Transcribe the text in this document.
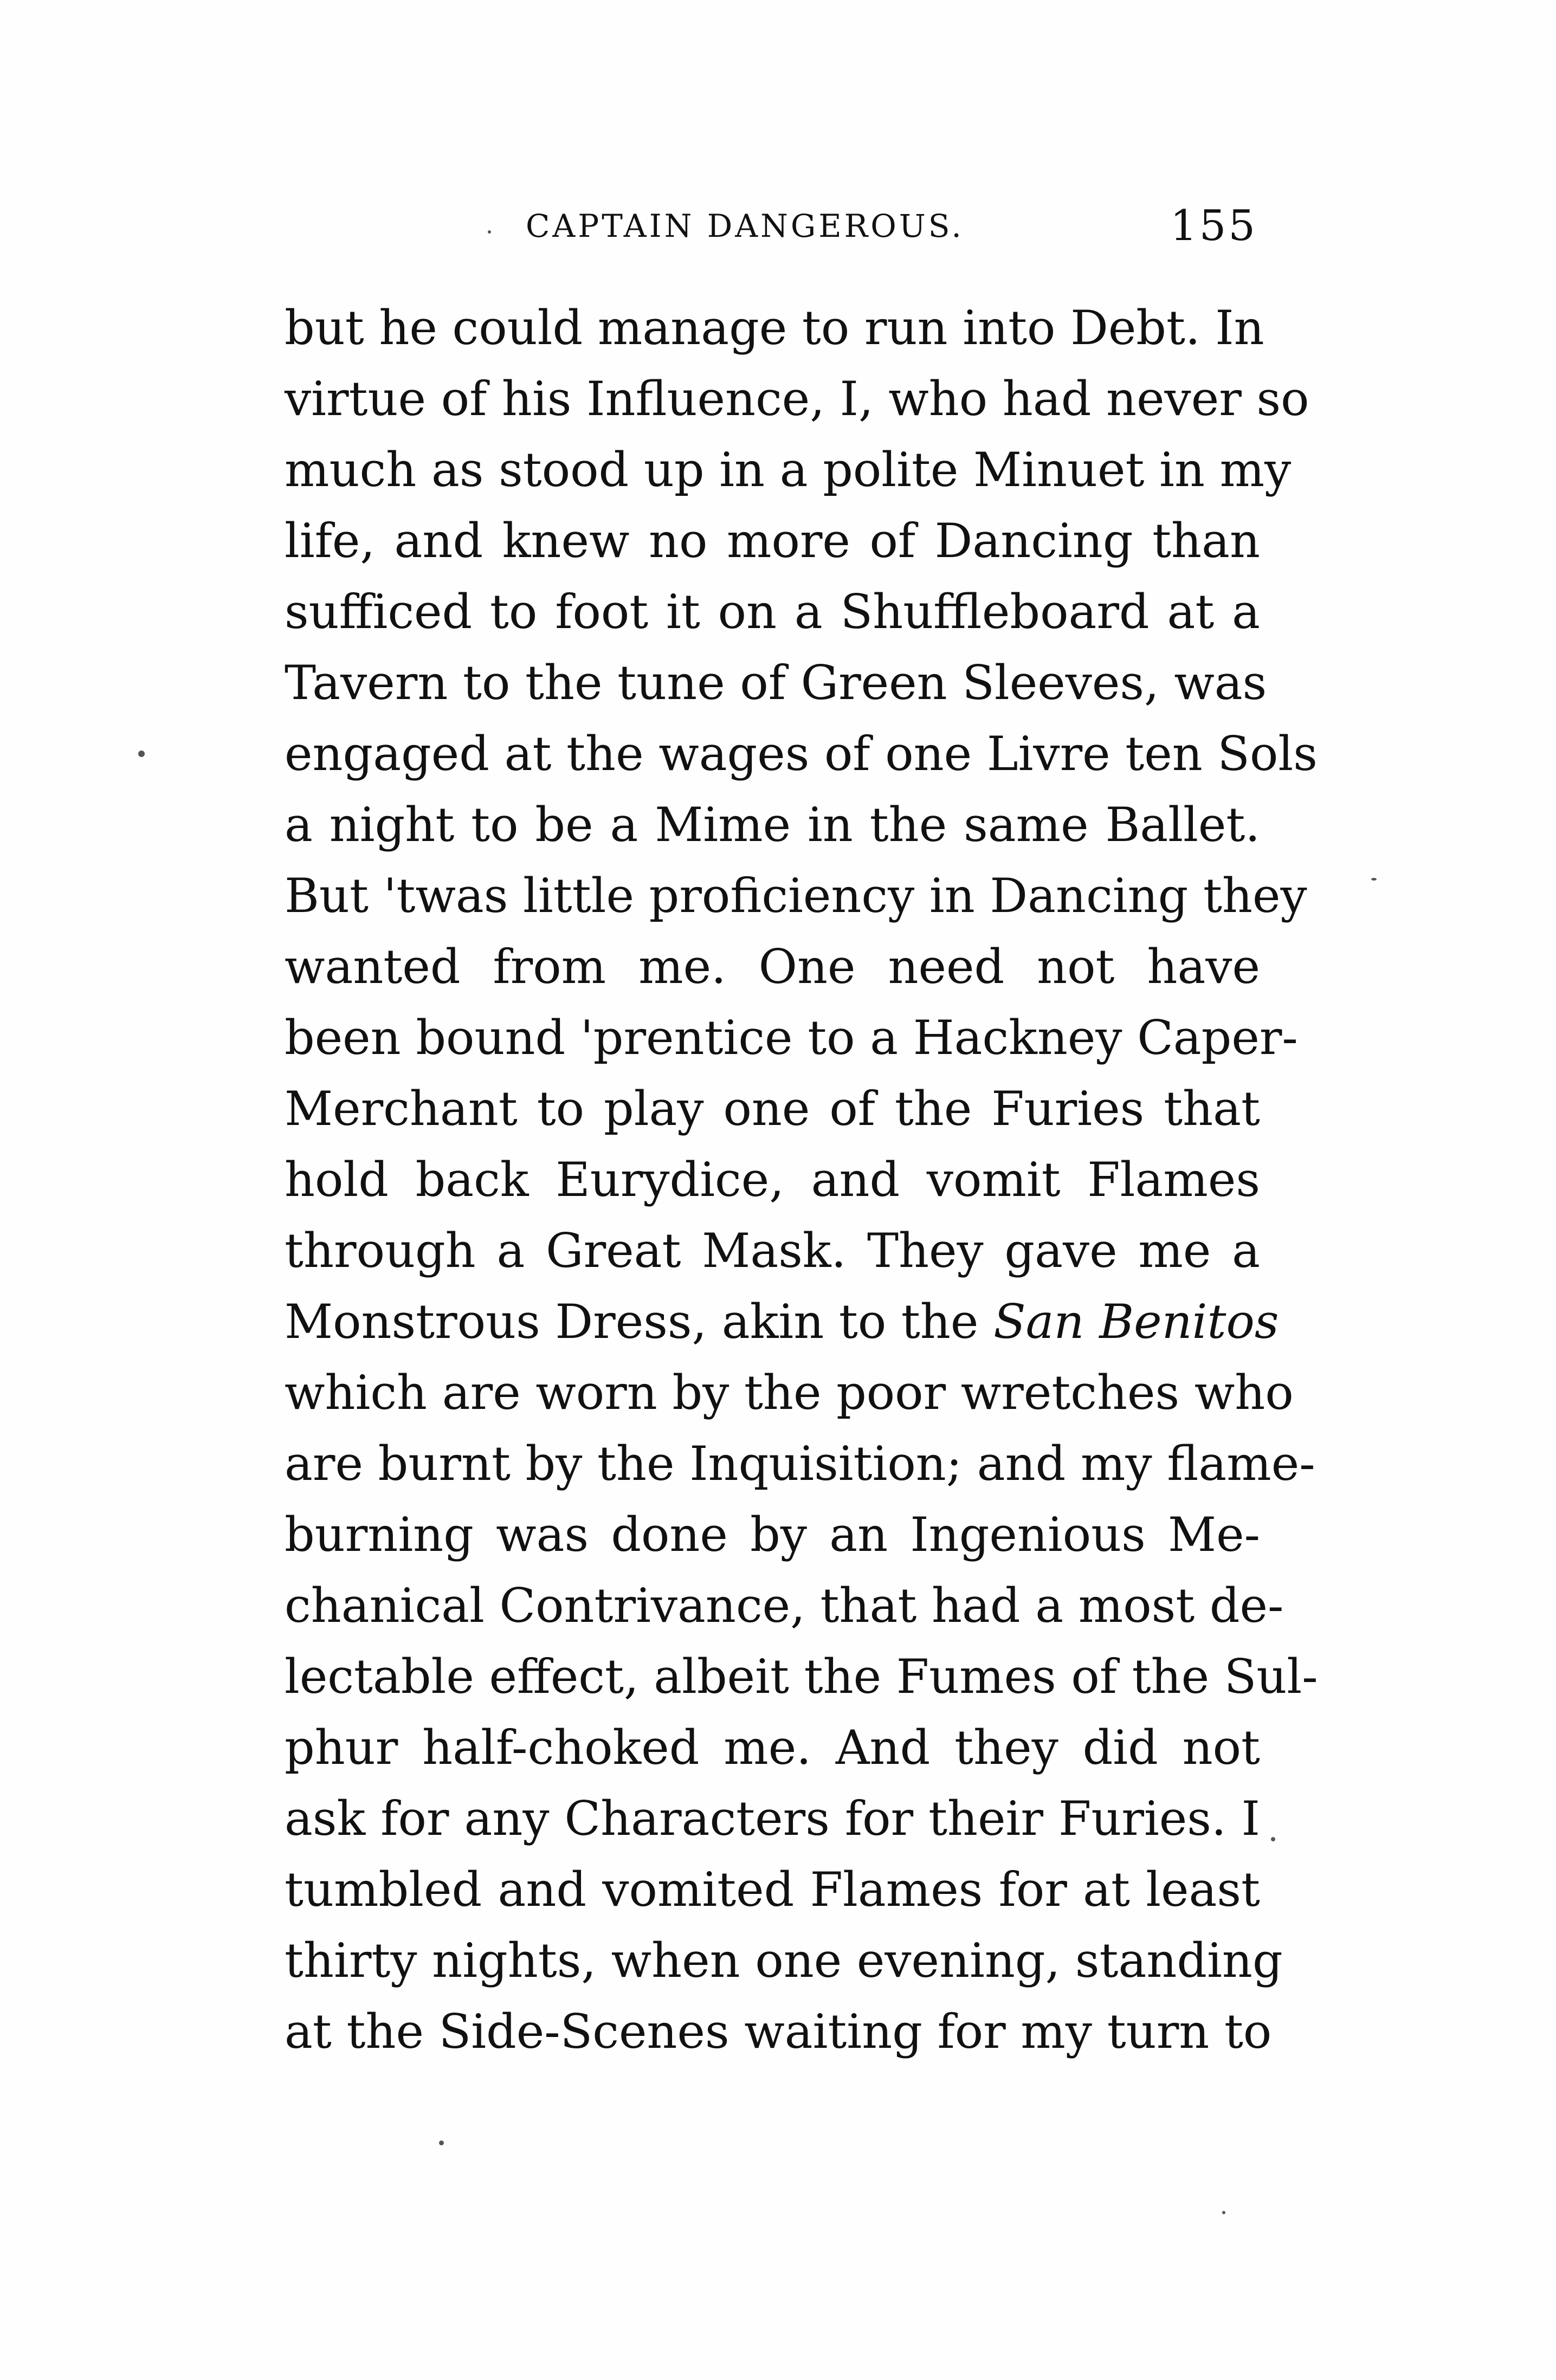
CAPTAIN DANGEROUS.	155
but he could manage to run into Debt. In
virtue of his Influence, I, who had never so
much as stood up in a polite Minuet in my
life, and knew no more of Dancing than
sufficed to foot it on a Shuffleboard at a
Tavern to the tune of Green Sleeves, was
engaged at the wages of one Livre ten Sols
a night to be a Mime in the same Ballet.
But 'twas little proficiency in Dancing they
wanted from me. One need not have
been bound 'prentice to a Hackney Caper-
Merchant to play one of the Furies that
hold back Eurydice, and vomit Flames
through a Great Mask. They gave me a
Monstrous Dress, akin to the San Benitos
which are worn by the poor wretches who
are burnt by the Inquisition; and my flame-
burning was done by an Ingenious Me-
chanical Contrivance, that had a most de-
lectable effect, albeit the Fumes of the Sul-
phur half-choked me. And they did not
ask for any Characters for their Furies. I
tumbled and vomited Flames for at least
thirty nights, when one evening, standing
at the Side-Scenes waiting for my turn to
